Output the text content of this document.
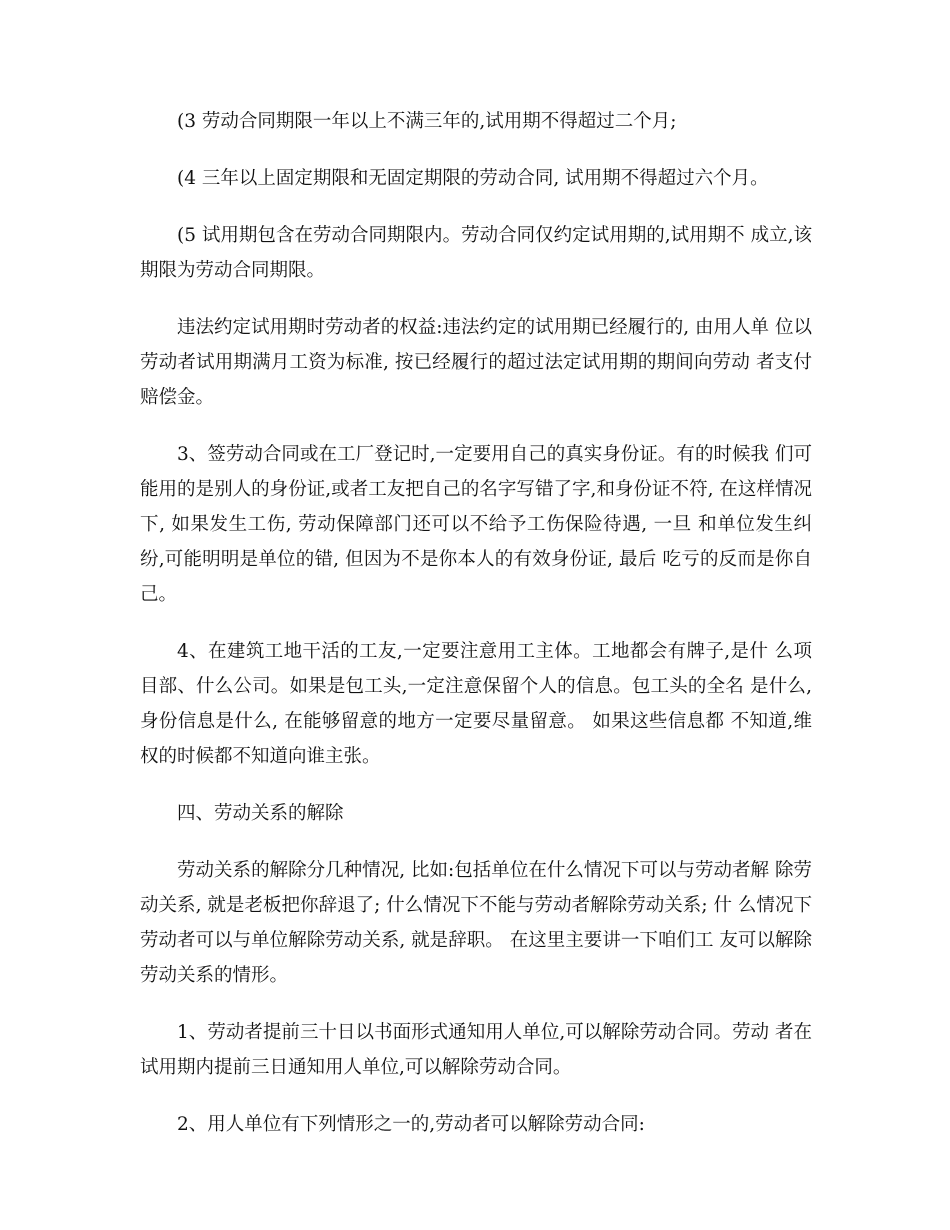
(3 劳动合同期限一年以上不满三年的,试用期不得超过二个月;

(4 三年以上固定期限和无固定期限的劳动合同, 试用期不得超过六个月。

(5 试用期包含在劳动合同期限内。劳动合同仅约定试用期的,试用期不 成立,该期限为劳动合同期限。

违法约定试用期时劳动者的权益:违法约定的试用期已经履行的, 由用人单 位以劳动者试用期满月工资为标准, 按已经履行的超过法定试用期的期间向劳动 者支付赔偿金。

3、签劳动合同或在工厂登记时,一定要用自己的真实身份证。有的时候我 们可能用的是别人的身份证,或者工友把自己的名字写错了字,和身份证不符, 在这样情况下, 如果发生工伤, 劳动保障部门还可以不给予工伤保险待遇, 一旦 和单位发生纠纷,可能明明是单位的错, 但因为不是你本人的有效身份证, 最后 吃亏的反而是你自己。

4、在建筑工地干活的工友,一定要注意用工主体。工地都会有牌子,是什 么项目部、什么公司。如果是包工头,一定注意保留个人的信息。包工头的全名 是什么,身份信息是什么, 在能够留意的地方一定要尽量留意。 如果这些信息都 不知道,维权的时候都不知道向谁主张。

四、劳动关系的解除

劳动关系的解除分几种情况, 比如:包括单位在什么情况下可以与劳动者解 除劳动关系, 就是老板把你辞退了; 什么情况下不能与劳动者解除劳动关系; 什 么情况下劳动者可以与单位解除劳动关系, 就是辞职。 在这里主要讲一下咱们工 友可以解除劳动关系的情形。

1、劳动者提前三十日以书面形式通知用人单位,可以解除劳动合同。劳动 者在试用期内提前三日通知用人单位,可以解除劳动合同。

2、用人单位有下列情形之一的,劳动者可以解除劳动合同:
